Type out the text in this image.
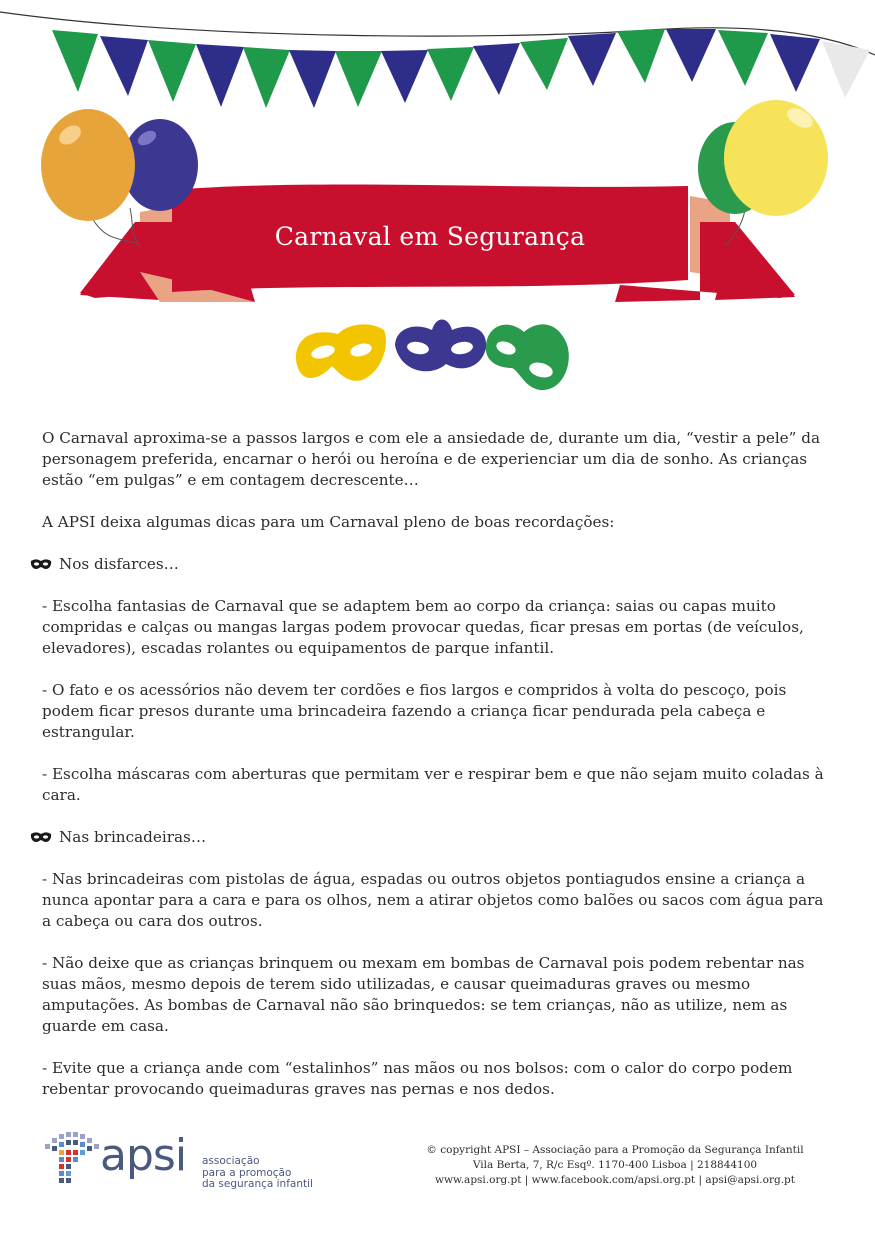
Carnaval em Segurança

O Carnaval aproxima-se a passos largos e com ele a ansiedade de, durante um dia, “vestir a pele” da personagem preferida, encarnar o herói ou heroína e de experienciar um dia de sonho. As crianças estão “em pulgas” e em contagem decrescente…

A APSI deixa algumas dicas para um Carnaval pleno de boas recordações:

Nos disfarces…

- Escolha fantasias de Carnaval que se adaptem bem ao corpo da criança: saias ou capas muito compridas e calças ou mangas largas podem provocar quedas, ficar presas em portas (de veículos, elevadores), escadas rolantes ou equipamentos de parque infantil.

- O fato e os acessórios não devem ter cordões e fios largos e compridos à volta do pescoço, pois podem ficar presos durante uma brincadeira fazendo a criança ficar pendurada pela cabeça e estrangular.

- Escolha máscaras com aberturas que permitam ver e respirar bem e que não sejam muito coladas à cara.

Nas brincadeiras…

- Nas brincadeiras com pistolas de água, espadas ou outros objetos pontiagudos ensine a criança a nunca apontar para a cara e para os olhos, nem a atirar objetos como balões ou sacos com água para a cabeça ou cara dos outros.

- Não deixe que as crianças brinquem ou mexam em bombas de Carnaval pois podem rebentar nas suas mãos, mesmo depois de terem sido utilizadas, e causar queimaduras graves ou mesmo amputações. As bombas de Carnaval não são brinquedos: se tem crianças, não as utilize, nem as guarde em casa.

- Evite que a criança ande com “estalinhos” nas mãos ou nos bolsos: com o calor do corpo podem rebentar provocando queimaduras graves nas pernas e nos dedos.

apsi associação
para a promoção
da segurança infantil
© copyright APSI – Associação para a Promoção da Segurança Infantil
Vila Berta, 7, R/c Esqº. 1170-400 Lisboa | 218844100
www.apsi.org.pt | www.facebook.com/apsi.org.pt | apsi@apsi.org.pt
